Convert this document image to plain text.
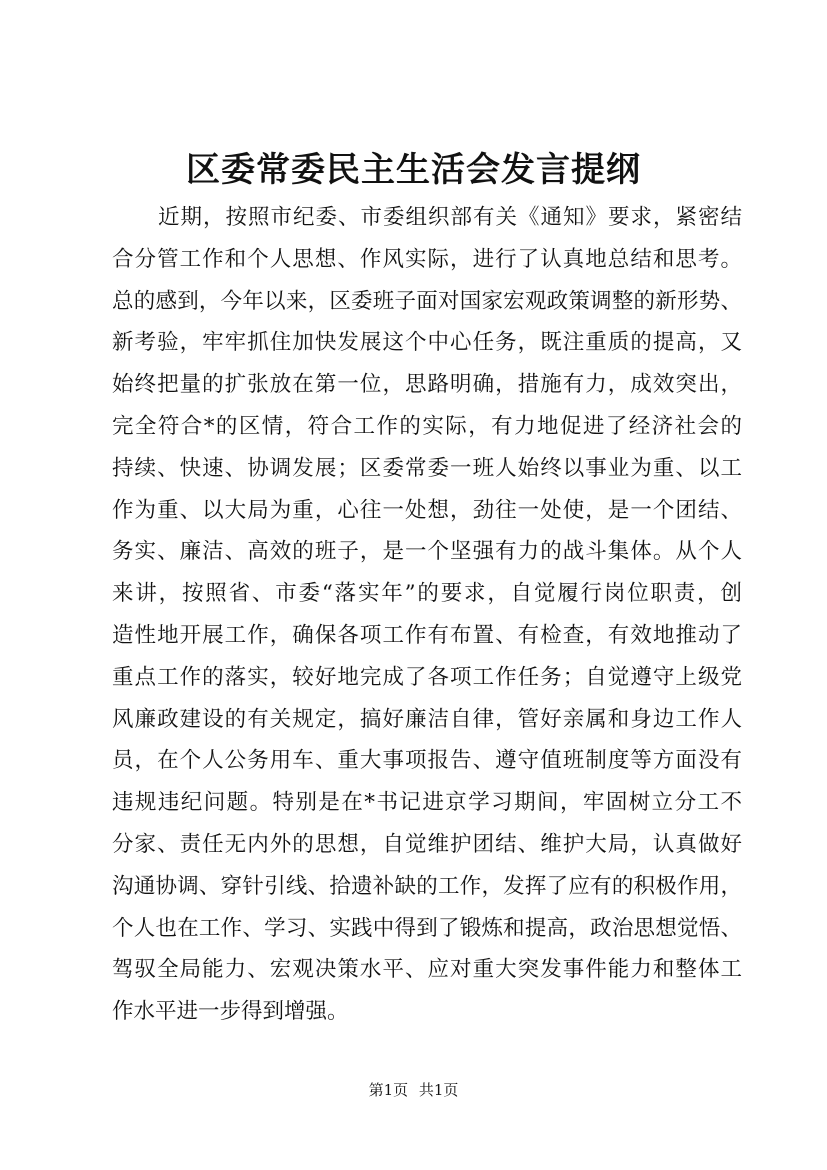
区委常委民主生活会发言提纲
近期，按照市纪委、市委组织部有关《通知》要求，紧密结
合分管工作和个人思想、作风实际，进行了认真地总结和思考。
总的感到，今年以来，区委班子面对国家宏观政策调整的新形势、
新考验，牢牢抓住加快发展这个中心任务，既注重质的提高，又
始终把量的扩张放在第一位，思路明确，措施有力，成效突出，
完全符合*的区情，符合工作的实际，有力地促进了经济社会的
持续、快速、协调发展；区委常委一班人始终以事业为重、以工
作为重、以大局为重，心往一处想，劲往一处使，是一个团结、
务实、廉洁、高效的班子，是一个坚强有力的战斗集体。从个人
来讲，按照省、市委“落实年”的要求，自觉履行岗位职责，创
造性地开展工作，确保各项工作有布置、有检查，有效地推动了
重点工作的落实，较好地完成了各项工作任务；自觉遵守上级党
风廉政建设的有关规定，搞好廉洁自律，管好亲属和身边工作人
员，在个人公务用车、重大事项报告、遵守值班制度等方面没有
违规违纪问题。特别是在*书记进京学习期间，牢固树立分工不
分家、责任无内外的思想，自觉维护团结、维护大局，认真做好
沟通协调、穿针引线、拾遗补缺的工作，发挥了应有的积极作用，
个人也在工作、学习、实践中得到了锻炼和提高，政治思想觉悟、
驾驭全局能力、宏观决策水平、应对重大突发事件能力和整体工
作水平进一步得到增强。
第1页 共1页
